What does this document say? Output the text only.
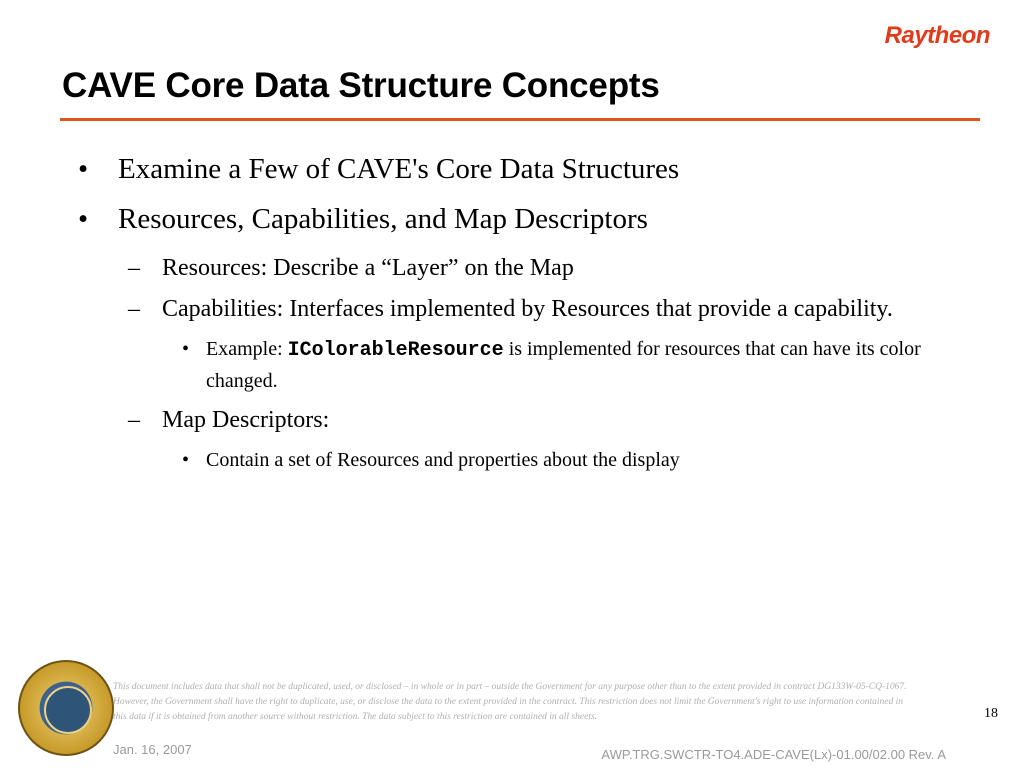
Raytheon
CAVE Core Data Structure Concepts
• Examine a Few of CAVE's Core Data Structures
• Resources, Capabilities, and Map Descriptors
– Resources: Describe a “Layer” on the Map
– Capabilities: Interfaces implemented by Resources that provide a capability.
• Example: IColorableResource is implemented for resources that can have its color changed.
– Map Descriptors:
• Contain a set of Resources and properties about the display
This document includes data that shall not be duplicated, used, or disclosed – in whole or in part – outside the Government for any purpose other than to the extent provided in contract DG133W-05-CQ-1067. However, the Government shall have the right to duplicate, use, or disclose the data to the extent provided in the contract. This restriction does not limit the Government's right to use information contained in this data if it is obtained from another source without restriction. The data subject to this restriction are contained in all sheets.
Jan. 16, 2007	AWP.TRG.SWCTR-TO4.ADE-CAVE(Lx)-01.00/02.00 Rev. A
18
